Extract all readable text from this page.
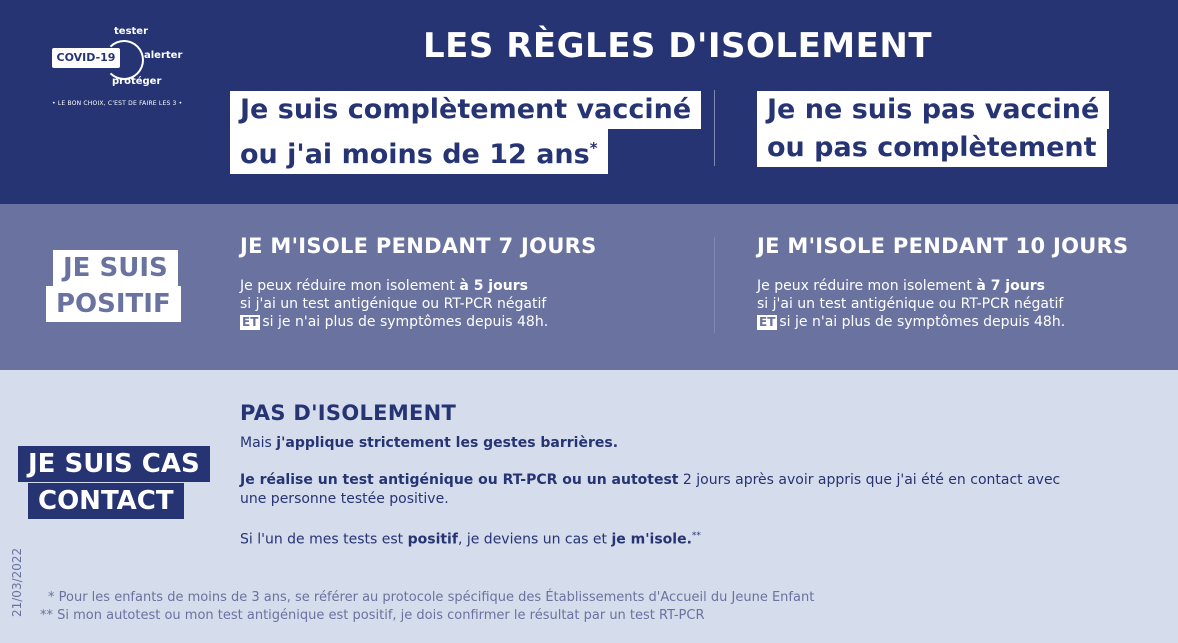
tester
COVID-19	alerter
protéger
• LE BON CHOIX, C'EST DE FAIRE LES 3 •
LES RÈGLES D'ISOLEMENT
Je suis complètement vacciné
ou j'ai moins de 12 ans*
Je ne suis pas vacciné
ou pas complètement
JE SUIS
POSITIF
JE M'ISOLE PENDANT 7 JOURS
Je peux réduire mon isolement à 5 jours
si j'ai un test antigénique ou RT-PCR négatif
ET si je n'ai plus de symptômes depuis 48h.
JE M'ISOLE PENDANT 10 JOURS
Je peux réduire mon isolement à 7 jours
si j'ai un test antigénique ou RT-PCR négatif
ET si je n'ai plus de symptômes depuis 48h.
JE SUIS CAS
CONTACT
PAS D'ISOLEMENT
Mais j'applique strictement les gestes barrières.
Je réalise un test antigénique ou RT-PCR ou un autotest 2 jours après avoir appris que j'ai été en contact avec
une personne testée positive.
Si l'un de mes tests est positif, je deviens un cas et je m'isole.**
21/03/2022 * Pour les enfants de moins de 3 ans, se référer au protocole spécifique des Établissements d'Accueil du Jeune Enfant
** Si mon autotest ou mon test antigénique est positif, je dois confirmer le résultat par un test RT-PCR
